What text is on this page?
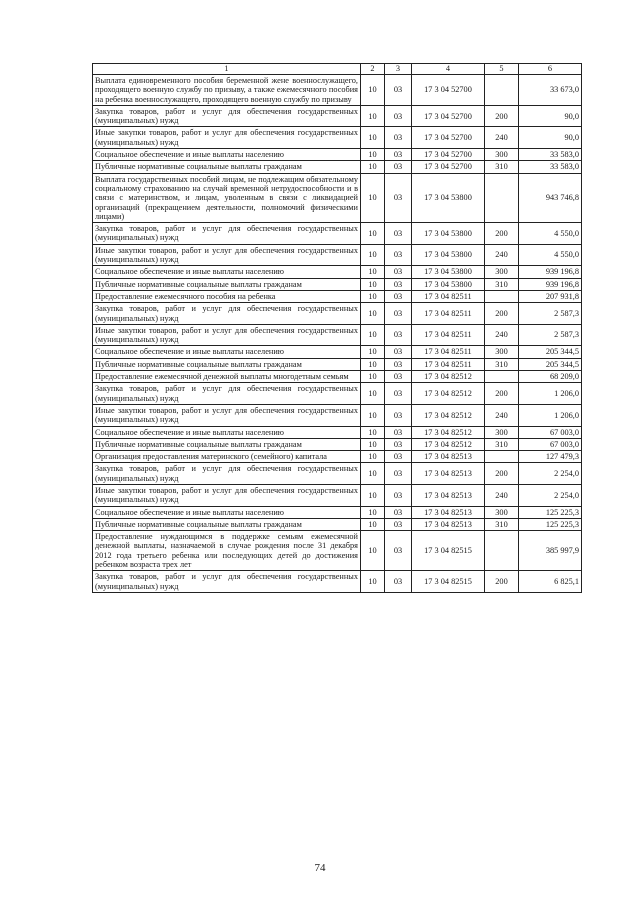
1	2	3	4	5	6
Выплата единовременного пособия беременной жене военнослужащего, проходящего военную службу по призыву, а также ежемесячного пособия на ребенка военнослужащего, проходящего военную службу по призыву	10	03	17 3 04 52700		33 673,0
Закупка товаров, работ и услуг для обеспечения государственных (муниципальных) нужд	10	03	17 3 04 52700	200	90,0
Иные закупки товаров, работ и услуг для обеспечения государственных (муниципальных) нужд	10	03	17 3 04 52700	240	90,0
Социальное обеспечение и иные выплаты населению	10	03	17 3 04 52700	300	33 583,0
Публичные нормативные социальные выплаты гражданам	10	03	17 3 04 52700	310	33 583,0
Выплата государственных пособий лицам, не подлежащим обязательному социальному страхованию на случай временной нетрудоспособности и в связи с материнством, и лицам, уволенным в связи с ликвидацией организаций (прекращением деятельности, полномочий физическими лицами)	10	03	17 3 04 53800		943 746,8
Закупка товаров, работ и услуг для обеспечения государственных (муниципальных) нужд	10	03	17 3 04 53800	200	4 550,0
Иные закупки товаров, работ и услуг для обеспечения государственных (муниципальных) нужд	10	03	17 3 04 53800	240	4 550,0
Социальное обеспечение и иные выплаты населению	10	03	17 3 04 53800	300	939 196,8
Публичные нормативные социальные выплаты гражданам	10	03	17 3 04 53800	310	939 196,8
Предоставление ежемесячного пособия на ребенка	10	03	17 3 04 82511		207 931,8
Закупка товаров, работ и услуг для обеспечения государственных (муниципальных) нужд	10	03	17 3 04 82511	200	2 587,3
Иные закупки товаров, работ и услуг для обеспечения государственных (муниципальных) нужд	10	03	17 3 04 82511	240	2 587,3
Социальное обеспечение и иные выплаты населению	10	03	17 3 04 82511	300	205 344,5
Публичные нормативные социальные выплаты гражданам	10	03	17 3 04 82511	310	205 344,5
Предоставление ежемесячной денежной выплаты многодетным семьям	10	03	17 3 04 82512		68 209,0
Закупка товаров, работ и услуг для обеспечения государственных (муниципальных) нужд	10	03	17 3 04 82512	200	1 206,0
Иные закупки товаров, работ и услуг для обеспечения государственных (муниципальных) нужд	10	03	17 3 04 82512	240	1 206,0
Социальное обеспечение и иные выплаты населению	10	03	17 3 04 82512	300	67 003,0
Публичные нормативные социальные выплаты гражданам	10	03	17 3 04 82512	310	67 003,0
Организация предоставления материнского (семейного) капитала	10	03	17 3 04 82513		127 479,3
Закупка товаров, работ и услуг для обеспечения государственных (муниципальных) нужд	10	03	17 3 04 82513	200	2 254,0
Иные закупки товаров, работ и услуг для обеспечения государственных (муниципальных) нужд	10	03	17 3 04 82513	240	2 254,0
Социальное обеспечение и иные выплаты населению	10	03	17 3 04 82513	300	125 225,3
Публичные нормативные социальные выплаты гражданам	10	03	17 3 04 82513	310	125 225,3
Предоставление нуждающимся в поддержке семьям ежемесячной денежной выплаты, назначаемой в случае рождения после 31 декабря 2012 года третьего ребенка или последующих детей до достижения ребенком возраста трех лет	10	03	17 3 04 82515		385 997,9
Закупка товаров, работ и услуг для обеспечения государственных (муниципальных) нужд	10	03	17 3 04 82515	200	6 825,1
74
